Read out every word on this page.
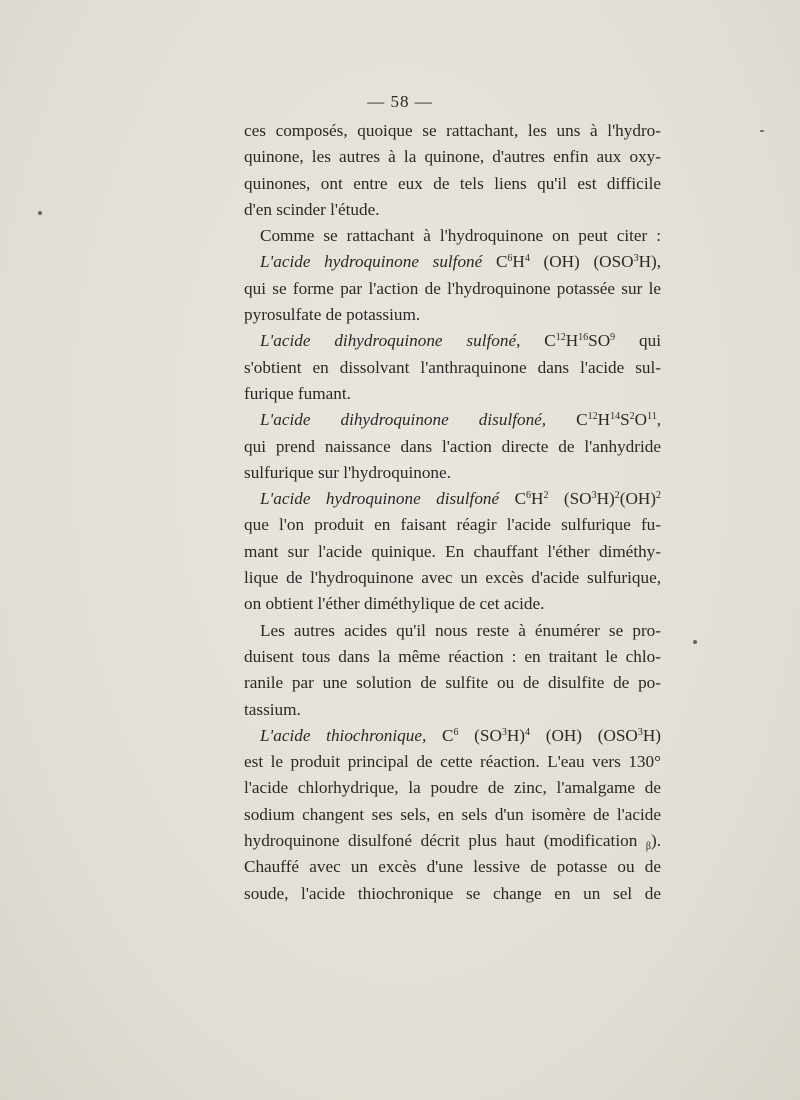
— 58 —
ces composés, quoique se rattachant, les uns à l'hydro-
quinone, les autres à la quinone, d'autres enfin aux oxy-
quinones, ont entre eux de tels liens qu'il est difficile
d'en scinder l'étude.
Comme se rattachant à l'hydroquinone on peut citer :
L'acide hydroquinone sulfoné $C^6H^4$ (OH) (OSO$^3$H),
qui se forme par l'action de l'hydroquinone potassée sur le
pyrosulfate de potassium.
L'acide dihydroquinone sulfoné, $C^{12}H^{16}SO^9$ qui
s'obtient en dissolvant l'anthraquinone dans l'acide sul-
furique fumant.
L'acide dihydroquinone disulfoné, $C^{12}H^{14}S^2O^{11}$,
qui prend naissance dans l'action directe de l'anhydride
sulfurique sur l'hydroquinone.
L'acide hydroquinone disulfoné $C^6H^2$ $(SO^3H)^2(OH)^2$
que l'on produit en faisant réagir l'acide sulfurique fu-
mant sur l'acide quinique. En chauffant l'éther diméthy-
lique de l'hydroquinone avec un excès d'acide sulfurique,
on obtient l'éther diméthylique de cet acide.
Les autres acides qu'il nous reste à énumérer se pro-
duisent tous dans la même réaction : en traitant le chlo-
ranile par une solution de sulfite ou de disulfite de po-
tassium.
L'acide thiochronique, $C^6$ $(SO^3H)^4$ (OH) (OSO$^3$H)
est le produit principal de cette réaction. L'eau vers 130°
l'acide chlorhydrique, la poudre de zinc, l'amalgame de
sodium changent ses sels, en sels d'un isomère de l'acide
hydroquinone disulfoné décrit plus haut (modification $_\beta$).
Chauffé avec un excès d'une lessive de potasse ou de
soude, l'acide thiochronique se change en un sel de
